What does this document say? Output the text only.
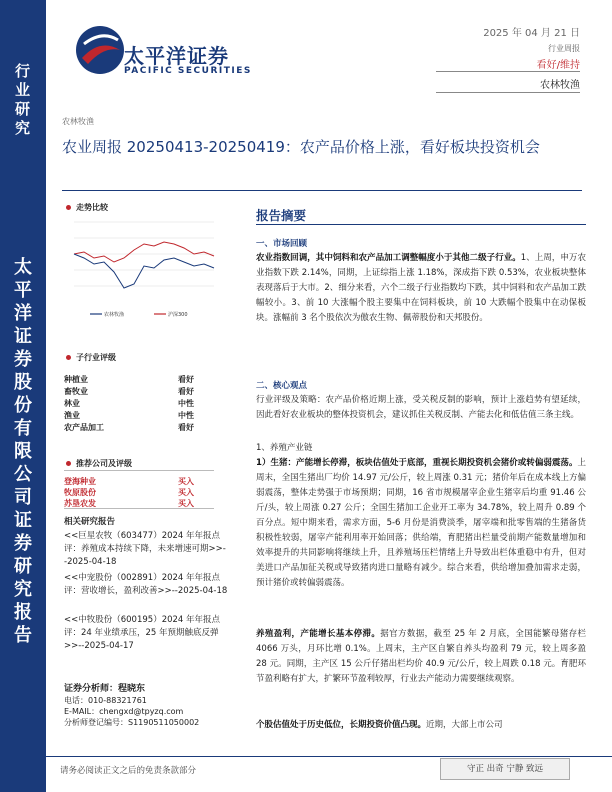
行
业
研
究
太
平
洋
证
券
股
份
有
限
公
司
证
券
研
究
报
告
太平洋证券
PACIFIC SECURITIES
2025 年 04 月 21 日
行业周报
看好/维持
农林牧渔
农林牧渔
农业周报 20250413-20250419：农产品价格上涨，看好板块投资机会
走势比较
农林牧渔	沪深300
子行业评级
种植业	看好
畜牧业	看好
林业	中性
渔业	中性
农产品加工	看好
推荐公司及评级
登海种业	买入
牧原股份	买入
苏垦农发	买入
相关研究报告
<<巨星农牧（603477）2024 年年报点评：养殖成本持续下降，未来增速可期>>--2025-04-18
<<中宠股份（002891）2024 年年报点评：营收增长，盈利改善>>--2025-04-18
<<中牧股份（600195）2024 年年报点评：24 年业绩承压，25 年预期触底反弹>>--2025-04-17
证券分析师：程晓东
电话：010-88321761
E-MAIL：chengxd@tpyzq.com
分析师登记编号：S1190511050002
报告摘要
一、市场回顾
农业指数回调，其中饲料和农产品加工调整幅度小于其他二级子行业。1、上周，申万农业指数下跌 2.14%，同期，上证综指上涨 1.18%，深成指下跌 0.53%，农业板块整体表现落后于大市。2、细分来看，六个二级子行业指数均下跌，其中饲料和农产品加工跌幅较小。3、前 10 大涨幅个股主要集中在饲料板块，前 10 大跌幅个股集中在动保板块。涨幅前 3 名个股依次为傲农生物、佩蒂股份和天邦股份。
二、核心观点
行业评级及策略：农产品价格近期上涨，受关税反制的影响，预计上涨趋势有望延续，因此看好农业板块的整体投资机会，建议抓住关税反制、产能去化和低估值三条主线。
1、养殖产业链
1）生猪：产能增长停滞，板块估值处于底部，重视长期投资机会猪价或转偏弱震荡。上周末，全国生猪出厂均价 14.97 元/公斤，较上周涨 0.31 元；猪价年后在成本线上方偏弱震荡，整体走势强于市场预期；同期，16 省市规模屠宰企业生猪宰后均重 91.46 公斤/头，较上周涨 0.27 公斤；全国生猪加工企业开工率为 34.78%，较上周升 0.89 个百分点。短中期来看，需求方面，5-6 月份是消费淡季，屠宰端和批零售端的生猪备货积极性较弱，屠宰产能利用率开始回落；供给端，育肥猪出栏量受前期产能数量增加和效率提升的共同影响将继续上升，且养殖场压栏情绪上升导致出栏体重稳中有升，但对美进口产品加征关税或导致猪肉进口量略有减少。综合来看，供给增加叠加需求走弱，预计猪价或转偏弱震荡。
养殖盈利，产能增长基本停滞。据官方数据，截至 25 年 2 月底，全国能繁母猪存栏 4066 万头，月环比增 0.1%。上周末，主产区自繁自养头均盈利 79 元，较上周多盈 28 元。同期，主产区 15 公斤仔猪出栏均价 40.9 元/公斤，较上周跌 0.18 元。育肥环节盈利略有扩大，扩繁环节盈利较厚，行业去产能动力需要继续观察。
个股估值处于历史低位，长期投资价值凸现。近期，大部上市公司
请务必阅读正文之后的免责条款部分	守正 出奇 宁静 致远
